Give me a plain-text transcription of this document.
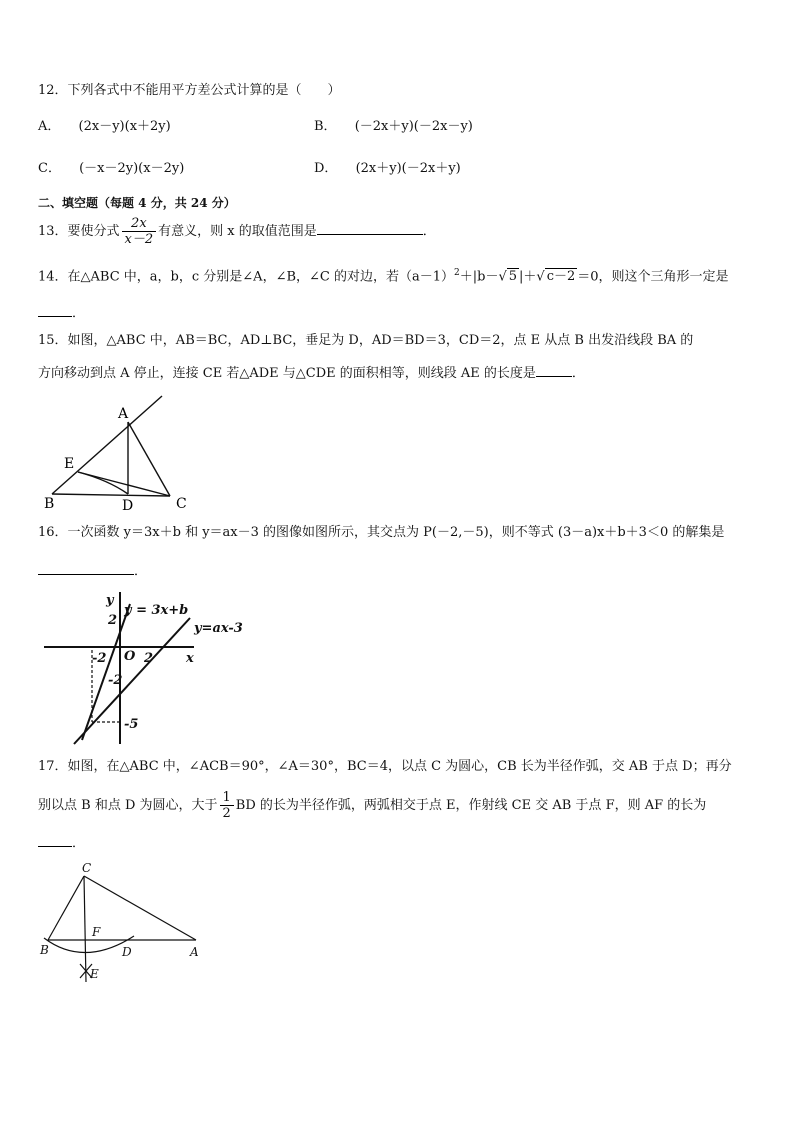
12．下列各式中不能用平方差公式计算的是（　　）
A． (2x－y)(x＋2y)	B． (－2x＋y)(－2x－y)
C． (－x－2y)(x－2y)	D． (2x＋y)(－2x＋y)
二、填空题（每题 4 分，共 24 分）
13．要使分式 $\frac{2x}{x-2}$ 有意义，则 x 的取值范围是	．
14．在△ABC 中，a，b，c 分别是∠A，∠B，∠C 的对边，若$(a-1)^2+|b-√$ 5 |＋√ c－2 ＝0，则这个三角形一定是
．
15．如图，△ABC 中，AB＝BC，AD⊥BC，垂足为 D，AD＝BD＝3，CD＝2，点 E 从点 B 出发沿线段 BA 的
方向移动到点 A 停止，连接 CE 若△ADE 与△CDE 的面积相等，则线段 AE 的长度是	．
A
E
B	D	C
16．一次函数 y＝3x＋b 和 y＝ax－3 的图像如图所示，其交点为 P(－2,－5)，则不等式 (3－a)x＋b＋3＜0 的解集是
．
y
x
y = 3x+b
y=ax-3
O
2
-2
-5
-2	2
17．如图，在△ABC 中，∠ACB＝90°，∠A＝30°，BC＝4，以点 C 为圆心，CB 长为半径作弧，交 AB 于点 D；再分
别以点 B 和点 D 为圆心，大于 $\frac{1}{2}$ BD 的长为半径作弧，两弧相交于点 E，作射线 CE 交 AB 于点 F，则 AF 的长为
．
C
F
B	D	A
E
